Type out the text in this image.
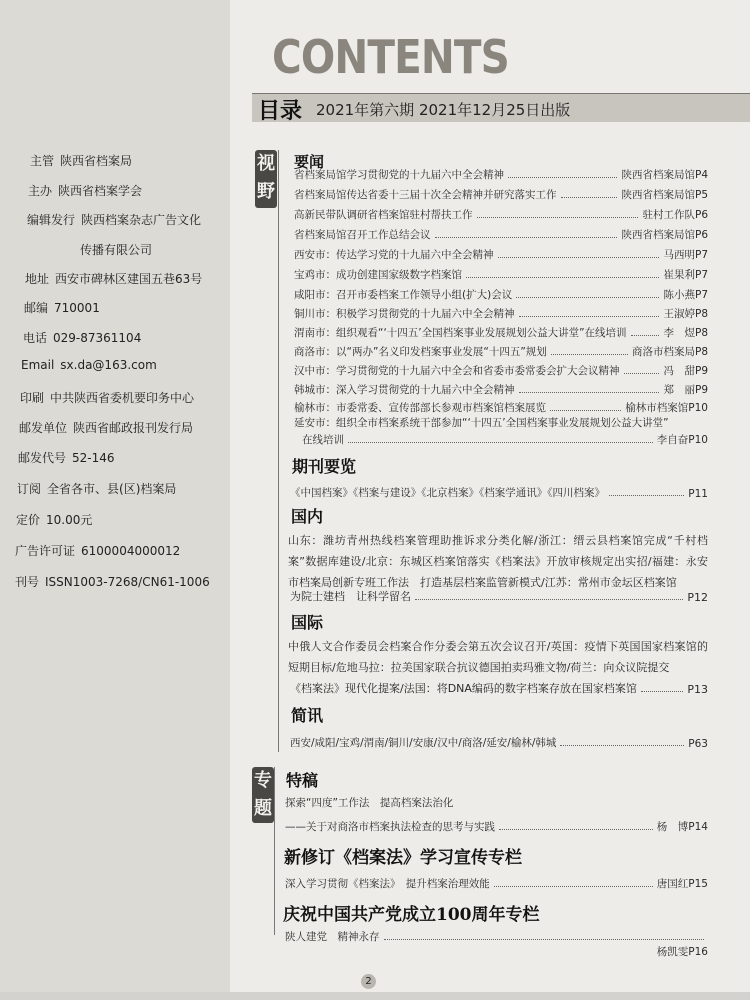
主管 陕西省档案局
主办 陕西省档案学会
编辑发行 陕西档案杂志广告文化
传播有限公司
地址 西安市碑林区建国五巷63号
邮编 710001
电话 029-87361104
Email sx.da@163.com
印刷 中共陕西省委机要印务中心
邮发单位 陕西省邮政报刊发行局
邮发代号 52-146
订阅 全省各市、县(区)档案局
定价 10.00元
广告许可证 6100004000012
刊号 ISSN1003-7268/CN61-1006
CONTENTS
目录 2021年第六期 2021年12月25日出版
视
野
要闻
省档案局馆学习贯彻党的十九届六中全会精神	陕西省档案局馆P4
省档案局馆传达省委十三届十次全会精神并研究落实工作	陕西省档案局馆P5
高新民带队调研省档案馆驻村帮扶工作	驻村工作队P6
省档案局馆召开工作总结会议	陕西省档案局馆P6
西安市：传达学习党的十九届六中全会精神	马西明P7
宝鸡市：成功创建国家级数字档案馆	崔果利P7
咸阳市：召开市委档案工作领导小组(扩大)会议	陈小燕P7
铜川市：积极学习贯彻党的十九届六中全会精神	王淑婷P8
渭南市：组织观看“‘十四五’全国档案事业发展规划公益大讲堂”在线培训	李　煜P8
商洛市：以“两办”名义印发档案事业发展“十四五”规划	商洛市档案局P8
汉中市：学习贯彻党的十九届六中全会和省委市委常委会扩大会议精神	冯　甜P9
韩城市：深入学习贯彻党的十九届六中全会精神	郑　丽P9
榆林市：市委常委、宣传部部长参观市档案馆档案展览	榆林市档案馆P10
延安市：组织全市档案系统干部参加“‘十四五’全国档案事业发展规划公益大讲堂”
在线培训	李自奋P10
期刊要览
《中国档案》《档案与建设》《北京档案》《档案学通讯》《四川档案》	P11
国内
山东：潍坊青州热线档案管理助推诉求分类化解/浙江：缙云县档案馆完成“千村档案”数据库建设/北京：东城区档案馆落实《档案法》开放审核规定出实招/福建：永安市档案局创新专班工作法　打造基层档案监管新模式/江苏：常州市金坛区档案馆
为院士建档　让科学留名	P12
国际
中俄人文合作委员会档案合作分委会第五次会议召开/英国：疫情下英国国家档案馆的短期目标/危地马拉：拉美国家联合抗议德国拍卖玛雅文物/荷兰：向众议院提交
《档案法》现代化提案/法国：将DNA编码的数字档案存放在国家档案馆	P13
简讯
西安/咸阳/宝鸡/渭南/铜川/安康/汉中/商洛/延安/榆林/韩城	P63
专
题
特稿
探索“四度”工作法　提高档案法治化
——关于对商洛市档案执法检查的思考与实践	杨　博P14
新修订《档案法》学习宣传专栏
深入学习贯彻《档案法》　提升档案治理效能	唐国红P15
庆祝中国共产党成立100周年专栏
陕人建党　精神永存
杨凯雯P16
2
